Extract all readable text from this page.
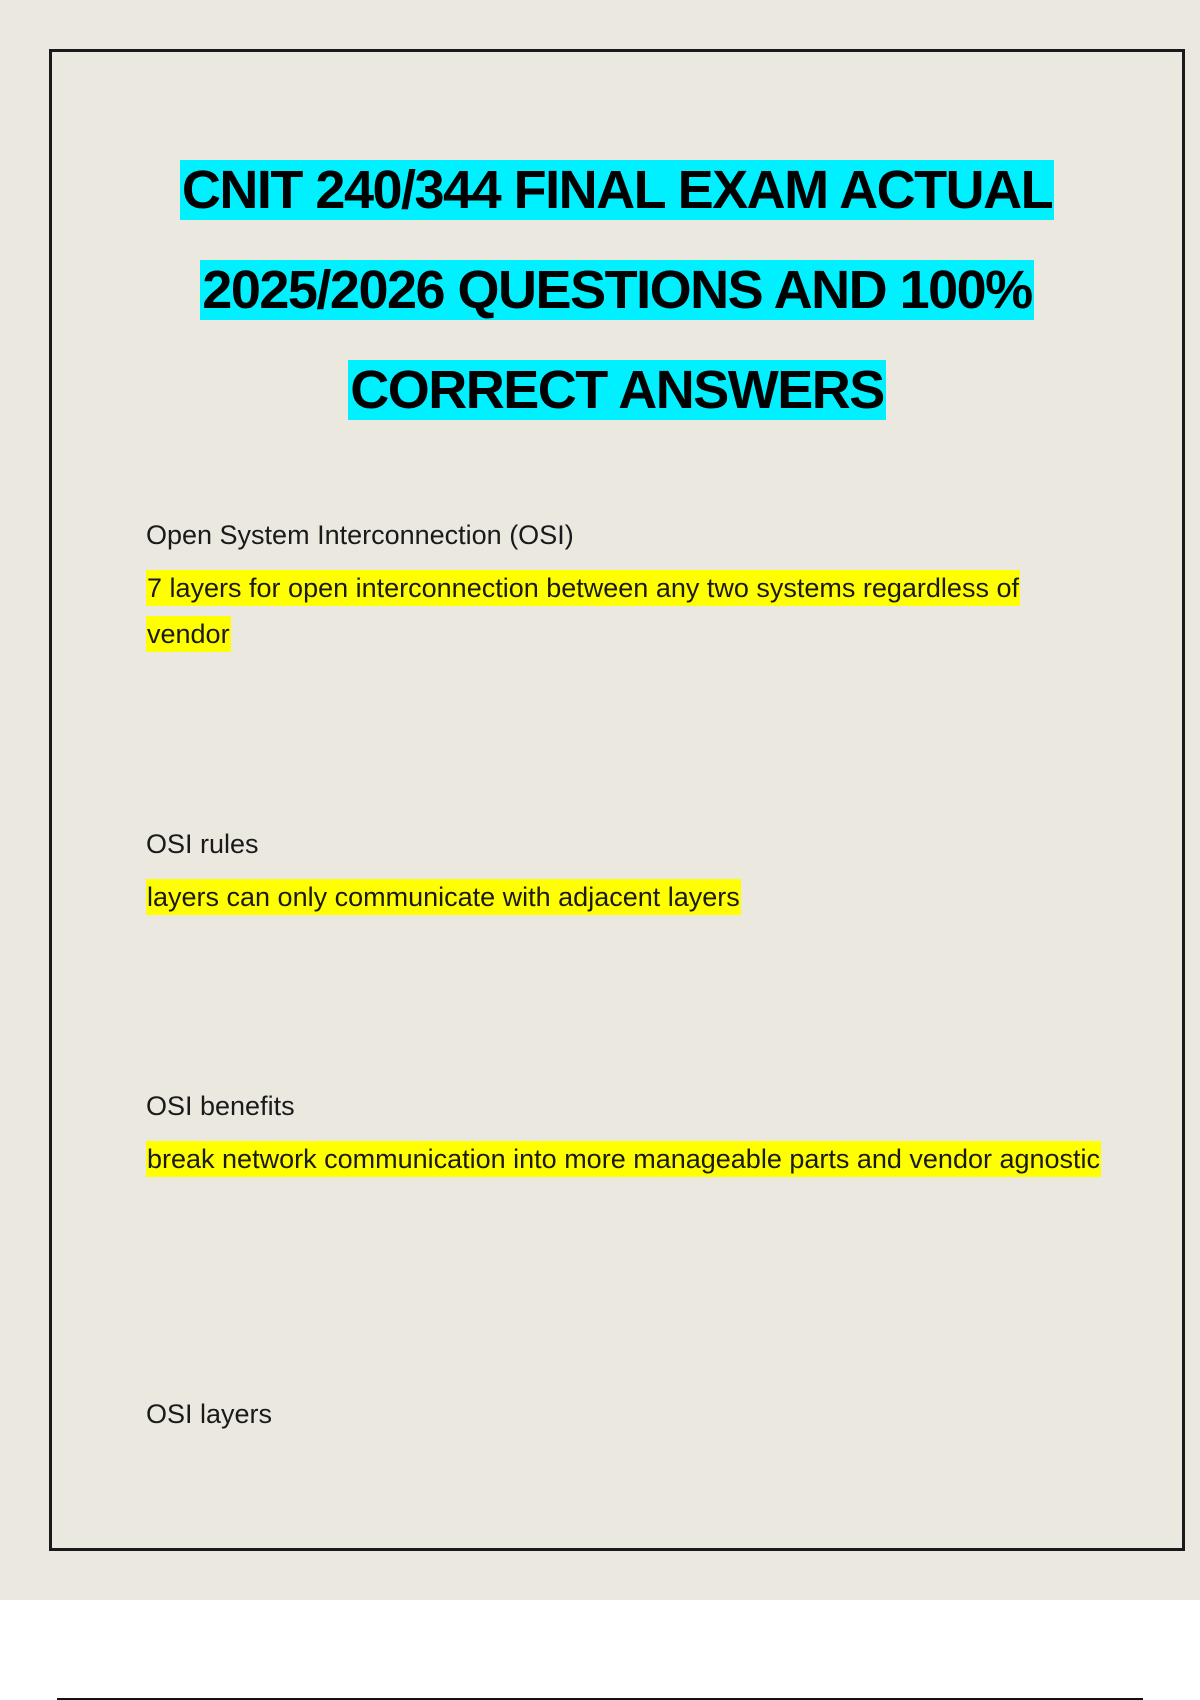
CNIT 240/344 FINAL EXAM ACTUAL
2025/2026 QUESTIONS AND 100%
CORRECT ANSWERS
Open System Interconnection (OSI)
7 layers for open interconnection between any two systems regardless of vendor
OSI rules
layers can only communicate with adjacent layers
OSI benefits
break network communication into more manageable parts and vendor agnostic
OSI layers
